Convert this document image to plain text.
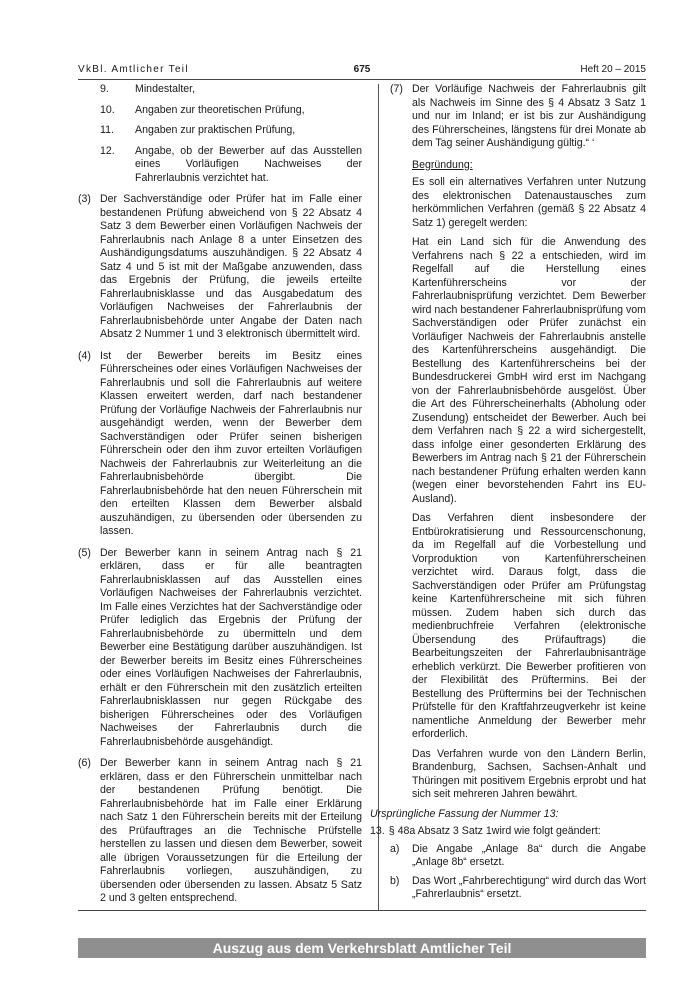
VkBl. Amtlicher Teil	675	Heft 20 – 2015
9. Mindestalter,

10. Angaben zur theoretischen Prüfung,

11. Angaben zur praktischen Prüfung,

12. Angabe, ob der Bewerber auf das Ausstellen eines Vorläufigen Nachweises der Fahrerlaubnis verzichtet hat.

(3) Der Sachverständige oder Prüfer hat im Falle einer bestandenen Prüfung abweichend von § 22 Absatz 4 Satz 3 dem Bewerber einen Vorläufigen Nachweis der Fahrerlaubnis nach Anlage 8 a unter Einsetzen des Aushändigungsdatums auszuhändigen. § 22 Absatz 4 Satz 4 und 5 ist mit der Maßgabe anzuwenden, dass das Ergebnis der Prüfung, die jeweils erteilte Fahrerlaubnisklasse und das Ausgabedatum des Vorläufigen Nachweises der Fahrerlaubnis der Fahrerlaubnisbehörde unter Angabe der Daten nach Absatz 2 Nummer 1 und 3 elektronisch übermittelt wird.

(4) Ist der Bewerber bereits im Besitz eines Führerscheines oder eines Vorläufigen Nachweises der Fahrerlaubnis und soll die Fahrerlaubnis auf weitere Klassen erweitert werden, darf nach bestandener Prüfung der Vorläufige Nachweis der Fahrerlaubnis nur ausgehändigt werden, wenn der Bewerber dem Sachverständigen oder Prüfer seinen bisherigen Führerschein oder den ihm zuvor erteilten Vorläufigen Nachweis der Fahrerlaubnis zur Weiterleitung an die Fahrerlaubnisbehörde übergibt. Die Fahrerlaubnisbehörde hat den neuen Führerschein mit den erteilten Klassen dem Bewerber alsbald auszuhändigen, zu übersenden oder übersenden zu lassen.

(5) Der Bewerber kann in seinem Antrag nach § 21 erklären, dass er für alle beantragten Fahrerlaubnisklassen auf das Ausstellen eines Vorläufigen Nachweises der Fahrerlaubnis verzichtet. Im Falle eines Verzichtes hat der Sachverständige oder Prüfer lediglich das Ergebnis der Prüfung der Fahrerlaubnisbehörde zu übermitteln und dem Bewerber eine Bestätigung darüber auszuhändigen. Ist der Bewerber bereits im Besitz eines Führerscheines oder eines Vorläufigen Nachweises der Fahrerlaubnis, erhält er den Führerschein mit den zusätzlich erteilten Fahrerlaubnisklassen nur gegen Rückgabe des bisherigen Führerscheines oder des Vorläufigen Nachweises der Fahrerlaubnis durch die Fahrerlaubnisbehörde ausgehändigt.

(6) Der Bewerber kann in seinem Antrag nach § 21 erklären, dass er den Führerschein unmittelbar nach der bestandenen Prüfung benötigt. Die Fahrerlaubnisbehörde hat im Falle einer Erklärung nach Satz 1 den Führerschein bereits mit der Erteilung des Prüfauftrages an die Technische Prüfstelle herstellen zu lassen und diesen dem Bewerber, soweit alle übrigen Voraussetzungen für die Erteilung der Fahrerlaubnis vorliegen, auszuhändigen, zu übersenden oder übersenden zu lassen. Absatz 5 Satz 2 und 3 gelten entsprechend.

(7) Der Vorläufige Nachweis der Fahrerlaubnis gilt als Nachweis im Sinne des § 4 Absatz 3 Satz 1 und nur im Inland; er ist bis zur Aushändigung des Führerscheines, längstens für drei Monate ab dem Tag seiner Aushändigung gültig.“ ‘

Begründung:

Es soll ein alternatives Verfahren unter Nutzung des elektronischen Datenaustausches zum herkömmlichen Verfahren (gemäß § 22 Absatz 4 Satz 1) geregelt werden:

Hat ein Land sich für die Anwendung des Verfahrens nach § 22 a entschieden, wird im Regelfall auf die Herstellung eines Kartenführerscheins vor der Fahrerlaubnisprüfung verzichtet. Dem Bewerber wird nach bestandener Fahrerlaubnisprüfung vom Sachverständigen oder Prüfer zunächst ein Vorläufiger Nachweis der Fahrerlaubnis anstelle des Kartenführerscheins ausgehändigt. Die Bestellung des Kartenführerscheins bei der Bundesdruckerei GmbH wird erst im Nachgang von der Fahrerlaubnisbehörde ausgelöst. Über die Art des Führerscheinerhalts (Abholung oder Zusendung) entscheidet der Bewerber. Auch bei dem Verfahren nach § 22 a wird sichergestellt, dass infolge einer gesonderten Erklärung des Bewerbers im Antrag nach § 21 der Führerschein nach bestandener Prüfung erhalten werden kann (wegen einer bevorstehenden Fahrt ins EU-Ausland).

Das Verfahren dient insbesondere der Entbürokratisierung und Ressourcenschonung, da im Regelfall auf die Vorbestellung und Vorproduktion von Kartenführerscheinen verzichtet wird. Daraus folgt, dass die Sachverständigen oder Prüfer am Prüfungstag keine Kartenführerscheine mit sich führen müssen. Zudem haben sich durch das medienbruchfreie Verfahren (elektronische Übersendung des Prüfauftrags) die Bearbeitungszeiten der Fahrerlaubnisanträge erheblich verkürzt. Die Bewerber profitieren von der Flexibilität des Prüftermins. Bei der Bestellung des Prüftermins bei der Technischen Prüfstelle für den Kraftfahrzeugverkehr ist keine namentliche Anmeldung der Bewerber mehr erforderlich.

Das Verfahren wurde von den Ländern Berlin, Brandenburg, Sachsen, Sachsen-Anhalt und Thüringen mit positivem Ergebnis erprobt und hat sich seit mehreren Jahren bewährt.

Ursprüngliche Fassung der Nummer 13:

13. § 48a Absatz 3 Satz 1wird wie folgt geändert:

a) Die Angabe „Anlage 8a“ durch die Angabe „Anlage 8b“ ersetzt.

b) Das Wort „Fahrberechtigung“ wird durch das Wort „Fahrerlaubnis“ ersetzt.

Auszug aus dem Verkehrsblatt Amtlicher Teil
